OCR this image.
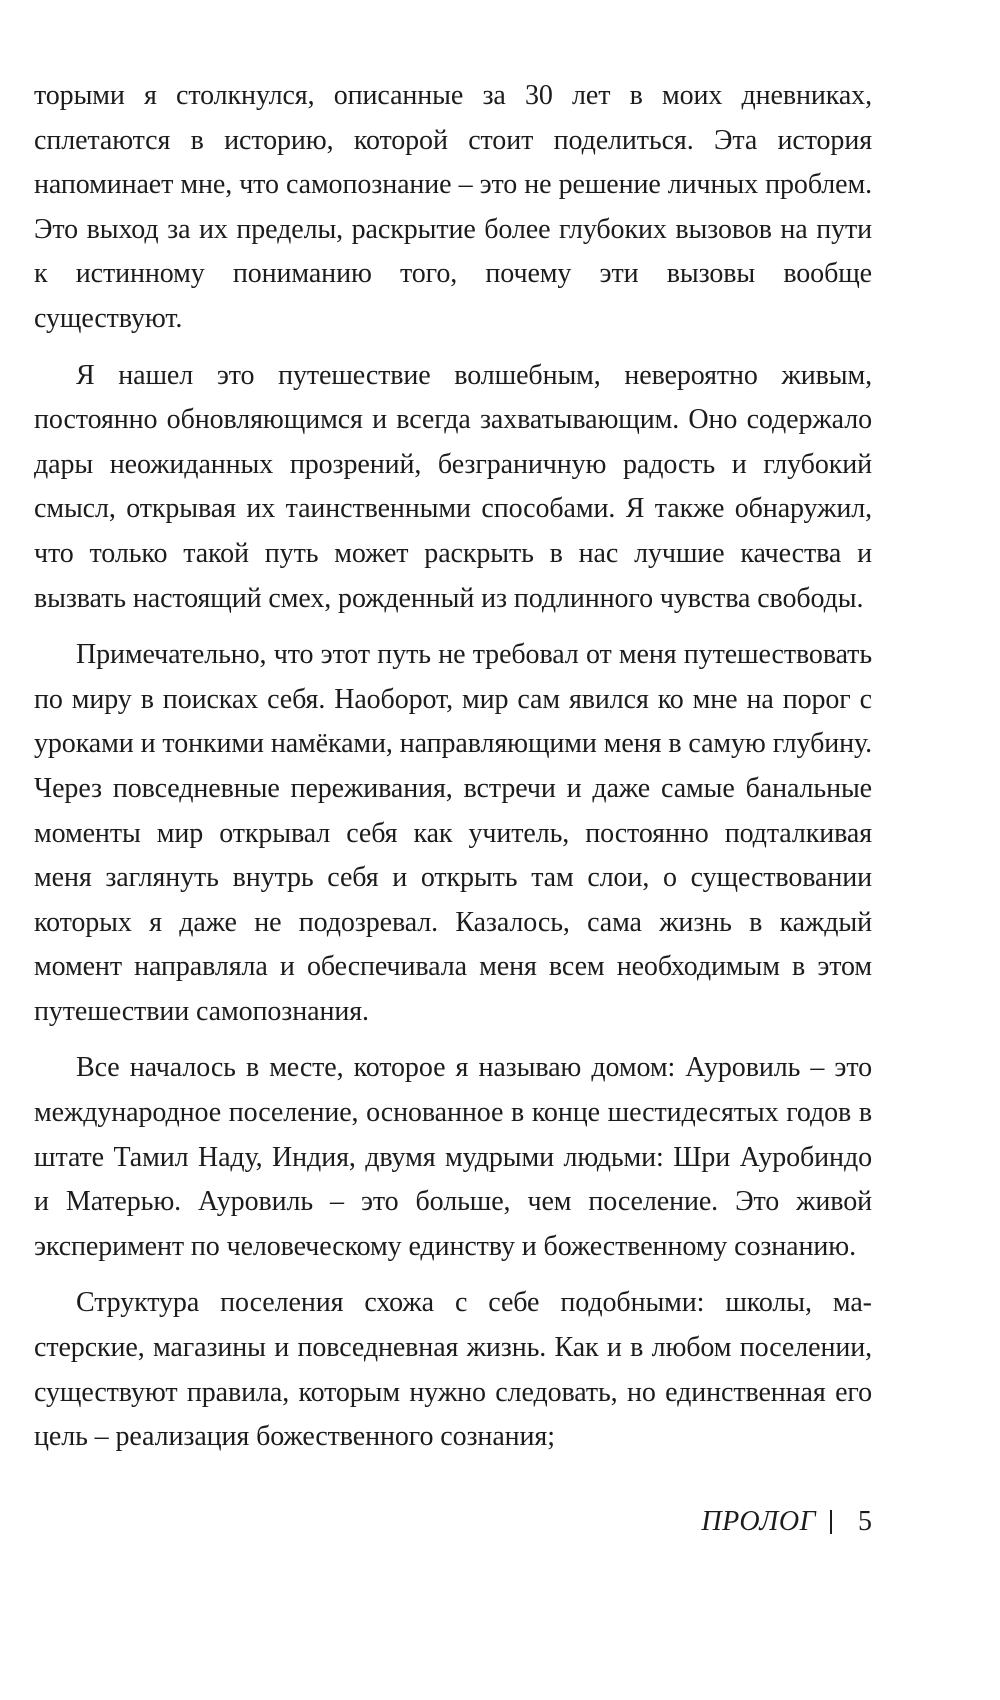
торыми я столкнулся, описанные за 30 лет в моих дневниках, сплетаются в историю, которой стоит поделиться. Эта история напоминает мне, что самопознание – это не решение личных проблем. Это выход за их пределы, раскрытие более глубоких вызовов на пути к истинному пониманию того, почему эти вызовы вообще существуют.

Я нашел это путешествие волшебным, невероятно живым, постоянно обновляющимся и всегда захватывающим. Оно содержало дары неожиданных прозрений, безграничную радость и глубокий смысл, открывая их таинственными способами. Я также обнаружил, что только такой путь может раскрыть в нас лучшие качества и вызвать настоящий смех, рожденный из подлинного чувства свободы.

Примечательно, что этот путь не требовал от меня путешествовать по миру в поисках себя. Наоборот, мир сам явился ко мне на порог с уроками и тонкими намёками, направляющими меня в самую глубину. Через повседневные переживания, встречи и даже самые банальные моменты мир открывал себя как учитель, постоянно подталкивая меня заглянуть внутрь себя и открыть там слои, о существовании которых я даже не подозревал. Казалось, сама жизнь в каждый момент направляла и обеспечивала меня всем необходимым в этом путешествии самопознания.

Все началось в месте, которое я называю домом: Ауровиль – это международное поселение, основанное в конце шестидесятых годов в штате Тамил Наду, Индия, двумя мудрыми людьми: Шри Ауробиндо и Матерью. Ауровиль – это больше, чем поселение. Это живой эксперимент по человеческому единству и божественному сознанию.

Структура поселения схожа с себе подобными: школы, мастерские, магазины и повседневная жизнь. Как и в любом поселении, существуют правила, которым нужно следовать, но единственная его цель – реализация божественного сознания;

ПРОЛОГ 5
